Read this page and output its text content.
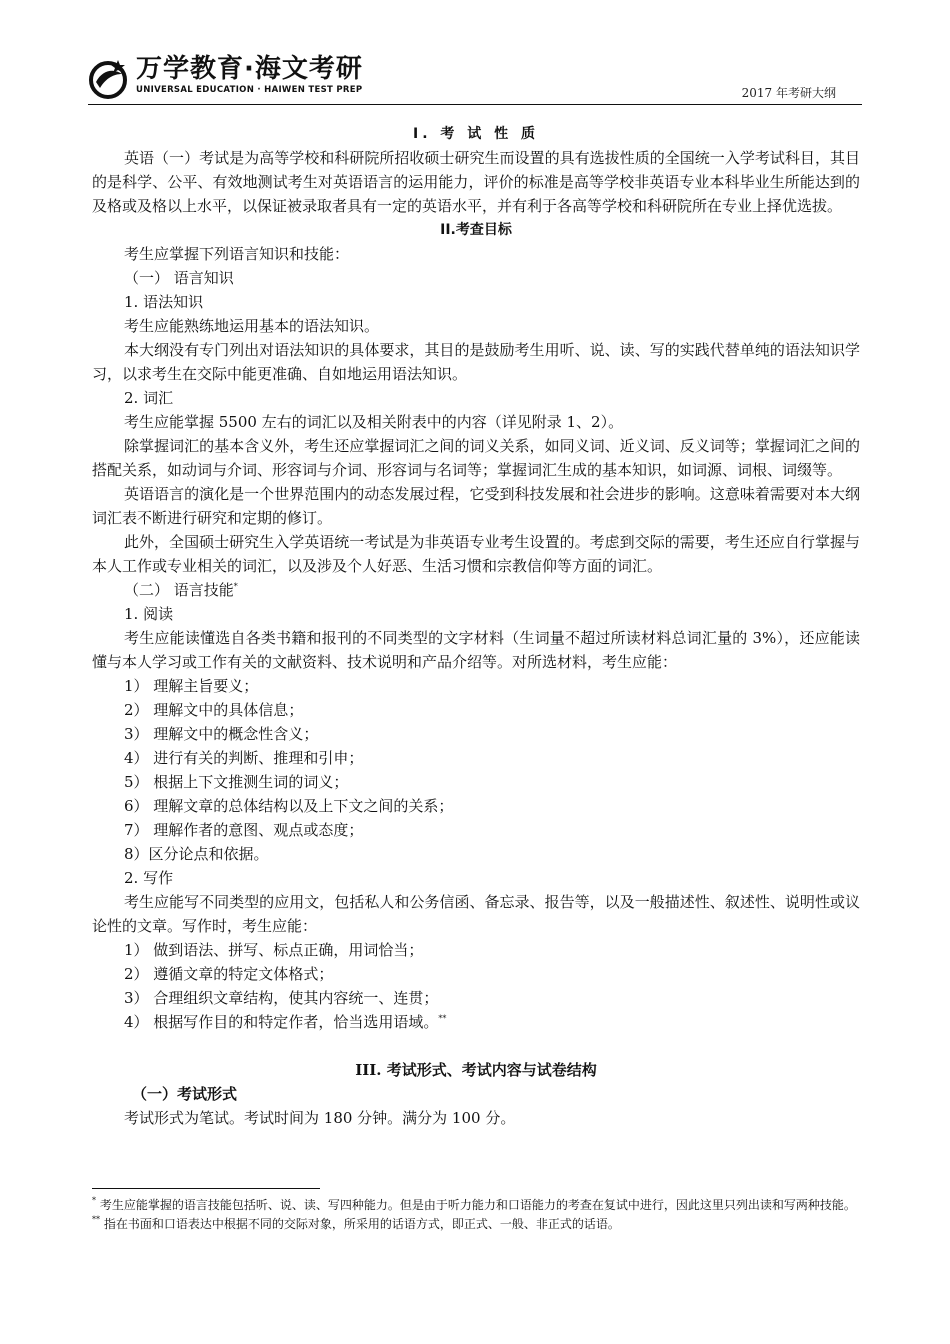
万学教育·海文考研
UNIVERSAL EDUCATION · HAIWEN TEST PREP	2017 年考研大纲

I. 考 试 性 质

英语（一）考试是为高等学校和科研院所招收硕士研究生而设置的具有选拔性质的全国统一入学考试科目，其目的是科学、公平、有效地测试考生对英语语言的运用能力，评价的标准是高等学校非英语专业本科毕业生所能达到的及格或及格以上水平，以保证被录取者具有一定的英语水平，并有利于各高等学校和科研院所在专业上择优选拔。

II.考查目标

考生应掌握下列语言知识和技能：

（一） 语言知识

1. 语法知识

考生应能熟练地运用基本的语法知识。

本大纲没有专门列出对语法知识的具体要求，其目的是鼓励考生用听、说、读、写的实践代替单纯的语法知识学习，以求考生在交际中能更准确、自如地运用语法知识。

2. 词汇

考生应能掌握 5500 左右的词汇以及相关附表中的内容（详见附录 1、2）。

除掌握词汇的基本含义外，考生还应掌握词汇之间的词义关系，如同义词、近义词、反义词等；掌握词汇之间的搭配关系，如动词与介词、形容词与介词、形容词与名词等；掌握词汇生成的基本知识，如词源、词根、词缀等。

英语语言的演化是一个世界范围内的动态发展过程，它受到科技发展和社会进步的影响。这意味着需要对本大纲词汇表不断进行研究和定期的修订。

此外，全国硕士研究生入学英语统一考试是为非英语专业考生设置的。考虑到交际的需要，考生还应自行掌握与本人工作或专业相关的词汇，以及涉及个人好恶、生活习惯和宗教信仰等方面的词汇。

（二） 语言技能*

1. 阅读

考生应能读懂选自各类书籍和报刊的不同类型的文字材料（生词量不超过所读材料总词汇量的 3%），还应能读懂与本人学习或工作有关的文献资料、技术说明和产品介绍等。对所选材料，考生应能：

1） 理解主旨要义；

2） 理解文中的具体信息；

3） 理解文中的概念性含义；

4） 进行有关的判断、推理和引申；

5） 根据上下文推测生词的词义；

6） 理解文章的总体结构以及上下文之间的关系；

7） 理解作者的意图、观点或态度；

8）区分论点和依据。

2. 写作

考生应能写不同类型的应用文，包括私人和公务信函、备忘录、报告等，以及一般描述性、叙述性、说明性或议论性的文章。写作时，考生应能：

1） 做到语法、拼写、标点正确，用词恰当；

2） 遵循文章的特定文体格式；

3） 合理组织文章结构，使其内容统一、连贯；

4） 根据写作目的和特定作者，恰当选用语域。**

III. 考试形式、考试内容与试卷结构

（一）考试形式

考试形式为笔试。考试时间为 180 分钟。满分为 100 分。

* 考生应能掌握的语言技能包括听、说、读、写四种能力。但是由于听力能力和口语能力的考查在复试中进行，因此这里只列出读和写两种技能。

** 指在书面和口语表达中根据不同的交际对象，所采用的话语方式，即正式、一般、非正式的话语。
